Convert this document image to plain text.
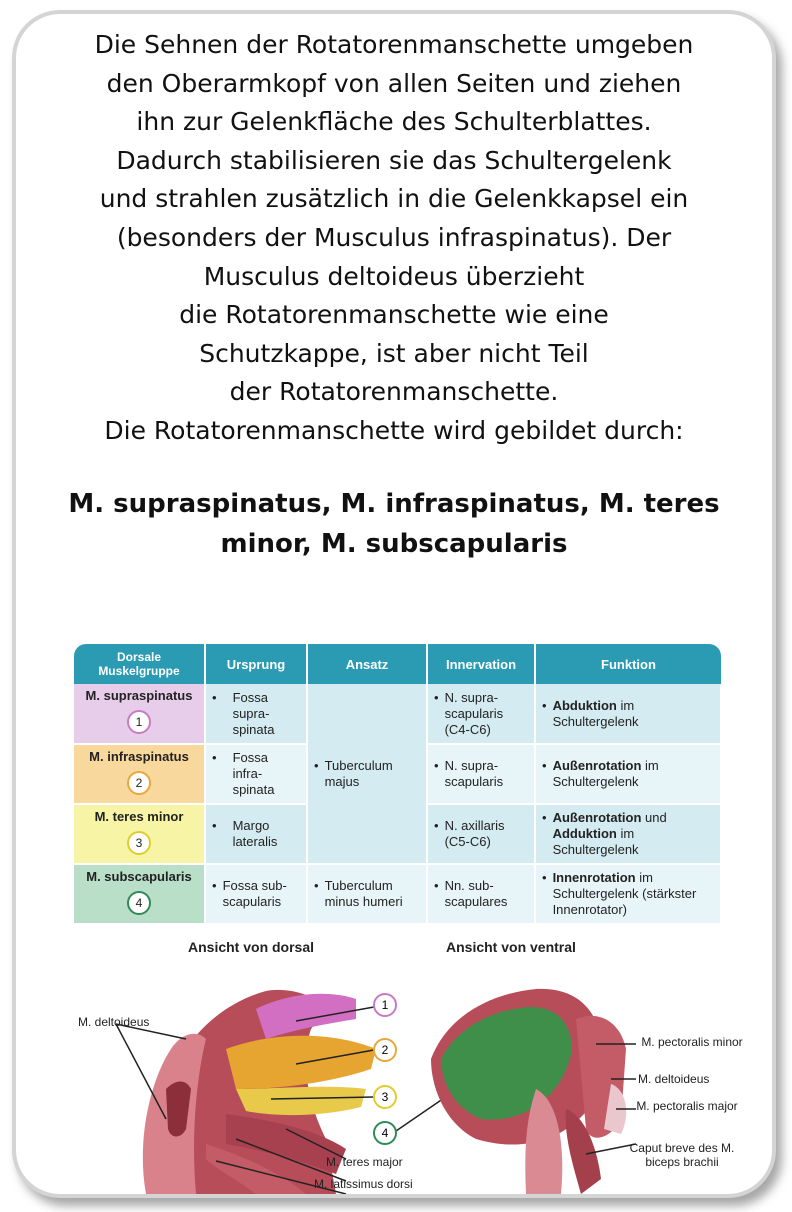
Die Sehnen der Rotatorenmanschette umgeben
den Oberarmkopf von allen Seiten und ziehen
ihn zur Gelenkfläche des Schulterblattes.
Dadurch stabilisieren sie das Schultergelenk
und strahlen zusätzlich in die Gelenkkapsel ein
(besonders der Musculus infraspinatus). Der
Musculus deltoideus überzieht
die Rotatorenmanschette wie eine
Schutzkappe, ist aber nicht Teil
der Rotatorenmanschette.
Die Rotatorenmanschette wird gebildet durch:
M. supraspinatus, M. infraspinatus, M. teres
minor, M. subscapularis
Dorsale
Muskelgruppe	Ursprung	Ansatz	Innervation	Funktion

M. supraspinatus
1	• Fossa
supra-
spinata	• Tuberculum
majus	• N. supra-
scapularis
(C4-C6)	• Abduktion im Schultergelenk

M. infraspinatus
2	• Fossa
infra-
spinata		• N. supra-
scapularis	• Außenrotation im Schultergelenk

M. teres minor
3	• Margo
lateralis		• N. axillaris
(C5-C6)	• Außenrotation und Adduktion im Schultergelenk

M. subscapularis
4	• Fossa sub-
scapularis	• Tuberculum
minus humeri	• Nn. sub-
scapulares	• Innenrotation im Schultergelenk (stärkster Innenrotator)
Ansicht von dorsal	Ansicht von ventral
1
2
3
4
M. deltoideus
M. teres major
M. latissimus dorsi
M. pectoralis minor
M. deltoideus
M. pectoralis major
Caput breve des M. biceps brachii
